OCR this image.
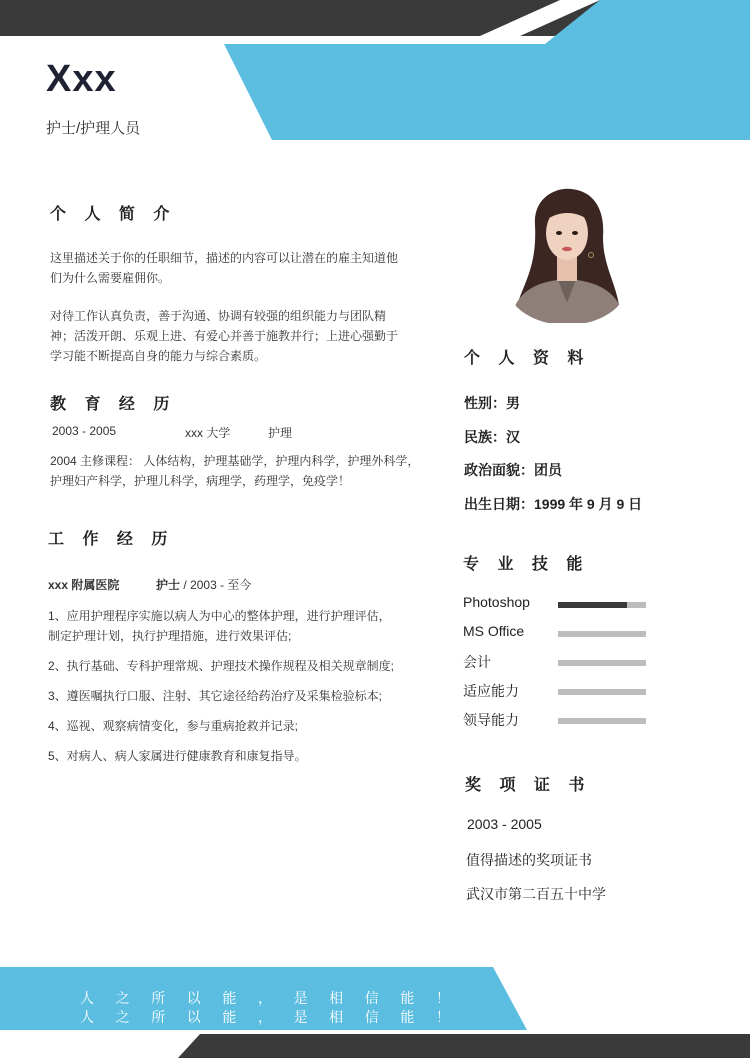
Xxx
护士/护理人员
个 人 简 介
这里描述关于你的任职细节，描述的内容可以让潜在的雇主知道他
们为什么需要雇佣你。
对待工作认真负责，善于沟通、协调有较强的组织能力与团队精
神；活泼开朗、乐观上进、有爱心并善于施教并行；上进心强勤于
学习能不断提高自身的能力与综合素质。
教 育 经 历
2003 - 2005	xxx 大学	护理
2004 主修课程： 人体结构，护理基础学，护理内科学，护理外科学，
护理妇产科学，护理儿科学，病理学，药理学，免疫学！
工 作 经 历
xxx 附属医院	护士 / 2003 - 至今
1、应用护理程序实施以病人为中心的整体护理，进行护理评估，
制定护理计划，执行护理措施，进行效果评估;
2、执行基础、专科护理常规、护理技术操作规程及相关规章制度;
3、遵医嘱执行口服、注射、其它途径给药治疗及采集检验标本;
4、巡视、观察病情变化，参与重病抢救并记录;
5、对病人、病人家属进行健康教育和康复指导。
个 人 资 料
性别：男
民族：汉
政治面貌：团员
出生日期：1999 年 9 月 9 日
专 业 技 能
Photoshop
MS Office
会计
适应能力
领导能力
奖 项 证 书
2003 - 2005
值得描述的奖项证书
武汉市第二百五十中学
人 之 所 以 能 ， 是 相 信 能 ！
人 之 所 以 能 ， 是 相 信 能 ！
